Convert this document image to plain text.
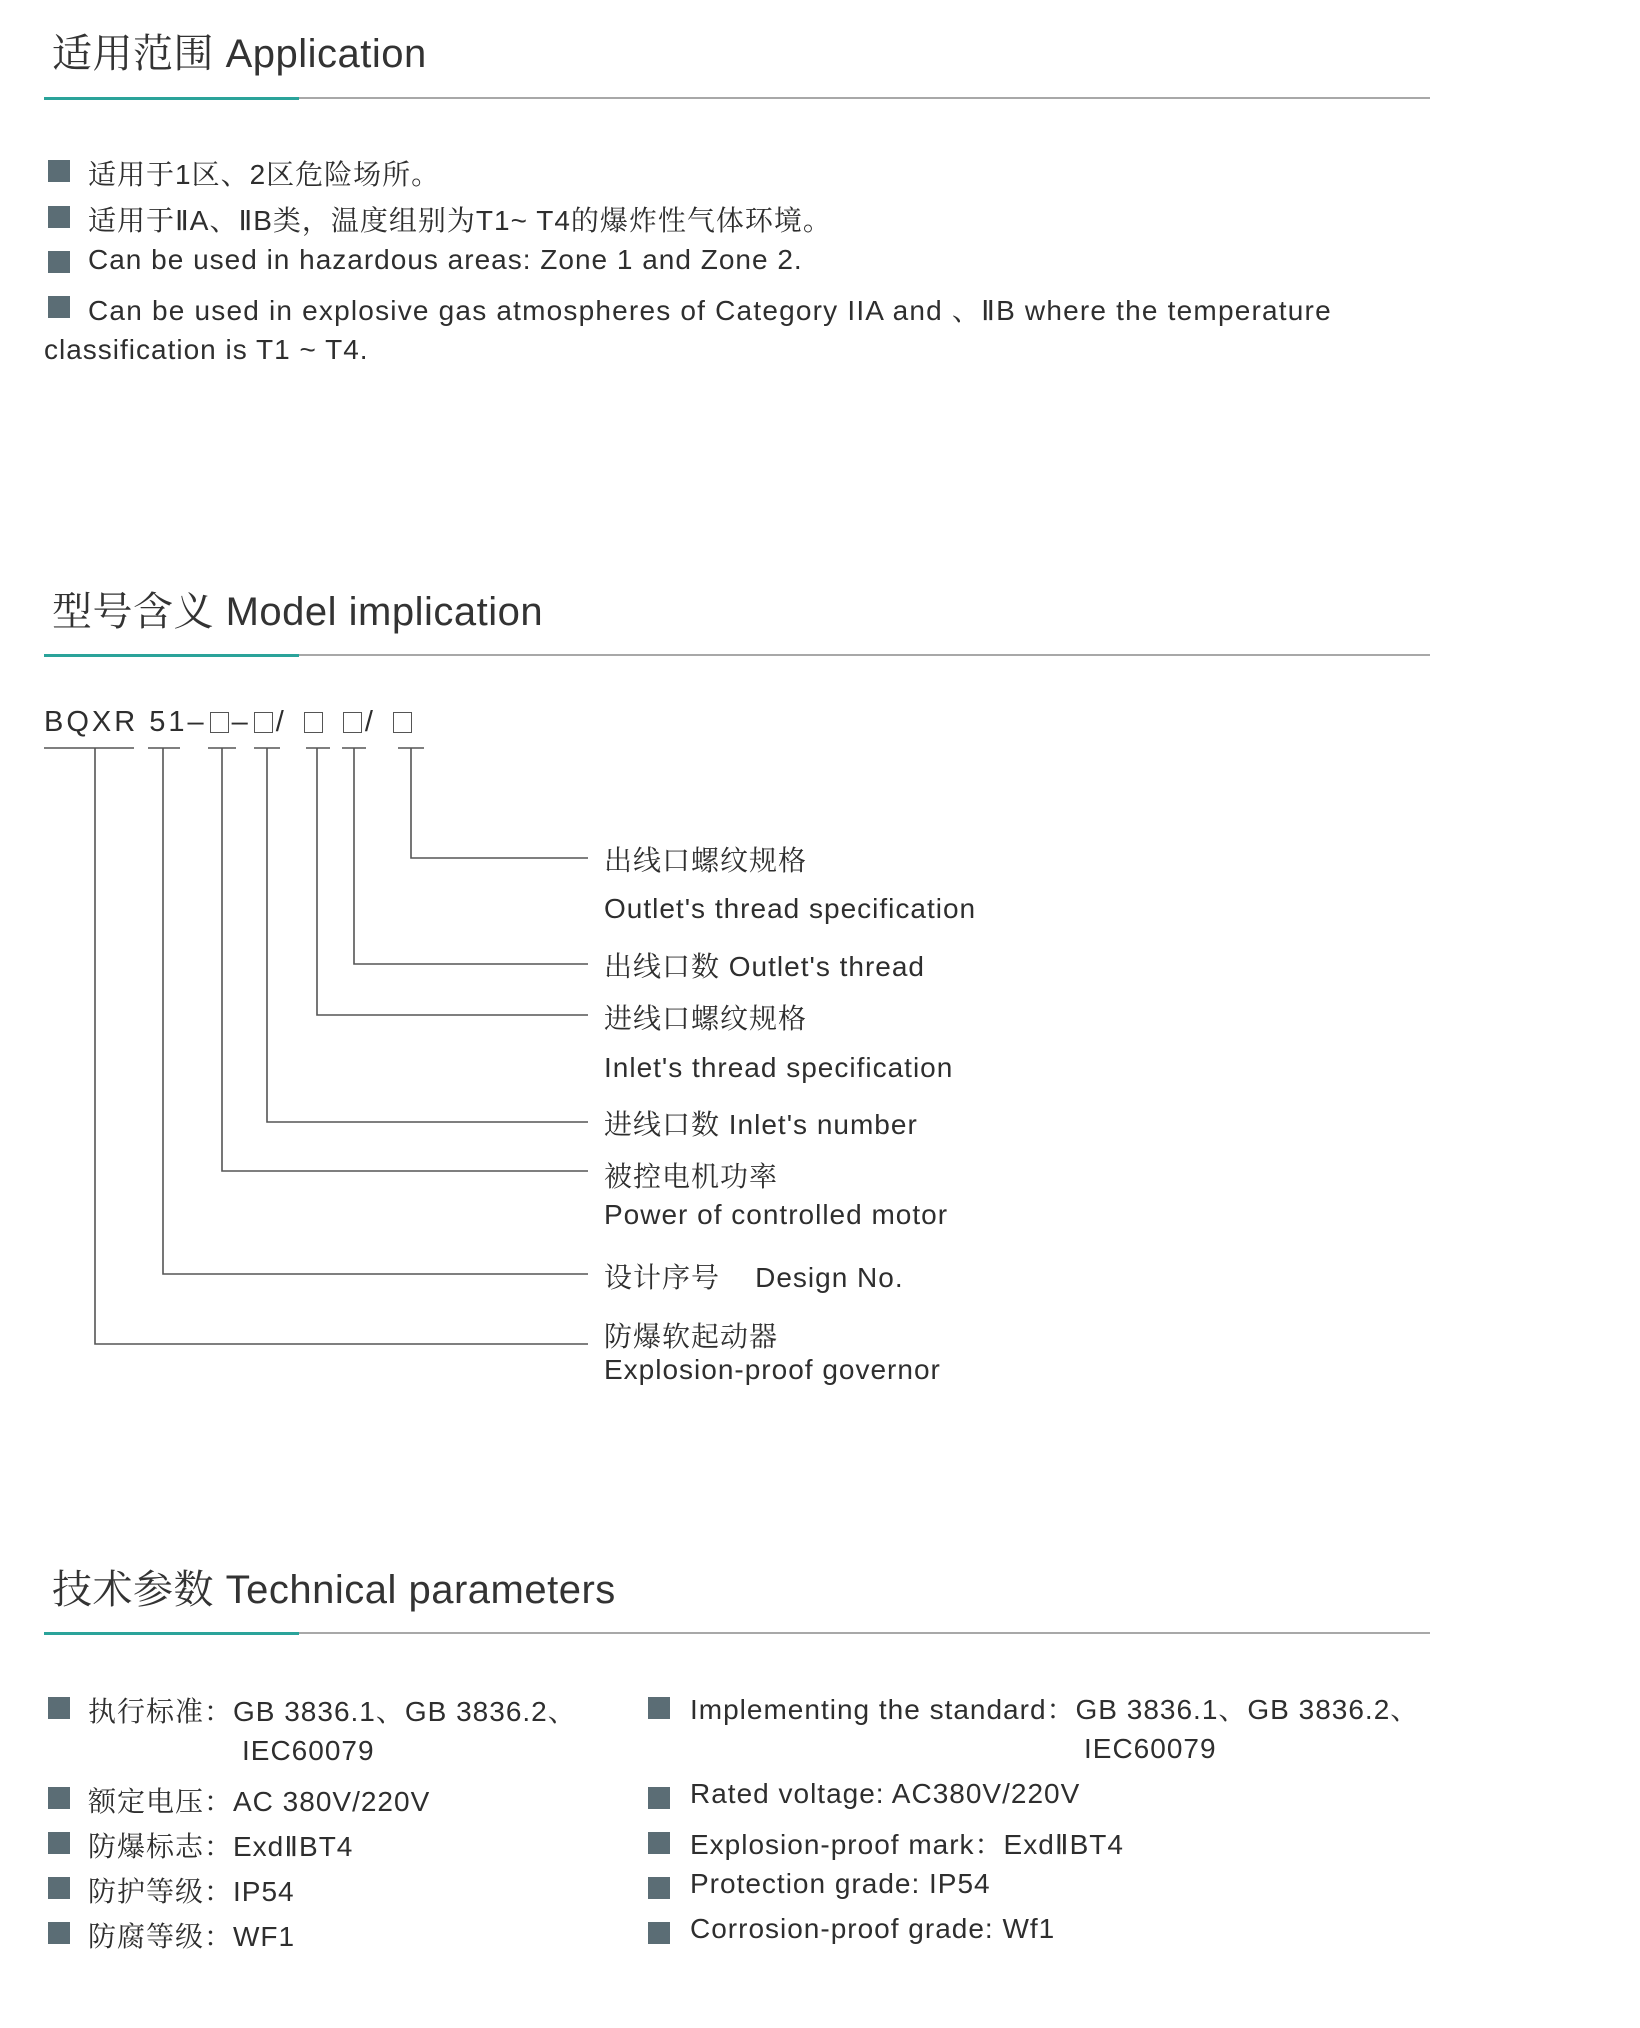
适用范围 Application
适用于1区、2区危险场所。
适用于ⅡA、ⅡB类，温度组别为T1~ T4的爆炸性气体环境。
Can be used in hazardous areas: Zone 1 and Zone 2.
Can be used in explosive gas atmospheres of Category IIA and 、ⅡB where the temperature
classification is T1 ~ T4.
型号含义 Model implication
BQXR 51– – /	/
出线口螺纹规格
Outlet's thread specification
出线口数 Outlet's thread
进线口螺纹规格
Inlet's thread specification
进线口数 Inlet's number
被控电机功率
Power of controlled motor
设计序号    Design No.
防爆软起动器
Explosion-proof governor
技术参数 Technical parameters
执行标准：GB 3836.1、GB 3836.2、
IEC60079
额定电压：AC 380V/220V
防爆标志：ExdⅡBT4
防护等级：IP54
防腐等级：WF1
Implementing the standard：GB 3836.1、GB 3836.2、
IEC60079
Rated voltage: AC380V/220V
Explosion-proof mark：ExdⅡBT4
Protection grade: IP54
Corrosion-proof grade: Wf1
